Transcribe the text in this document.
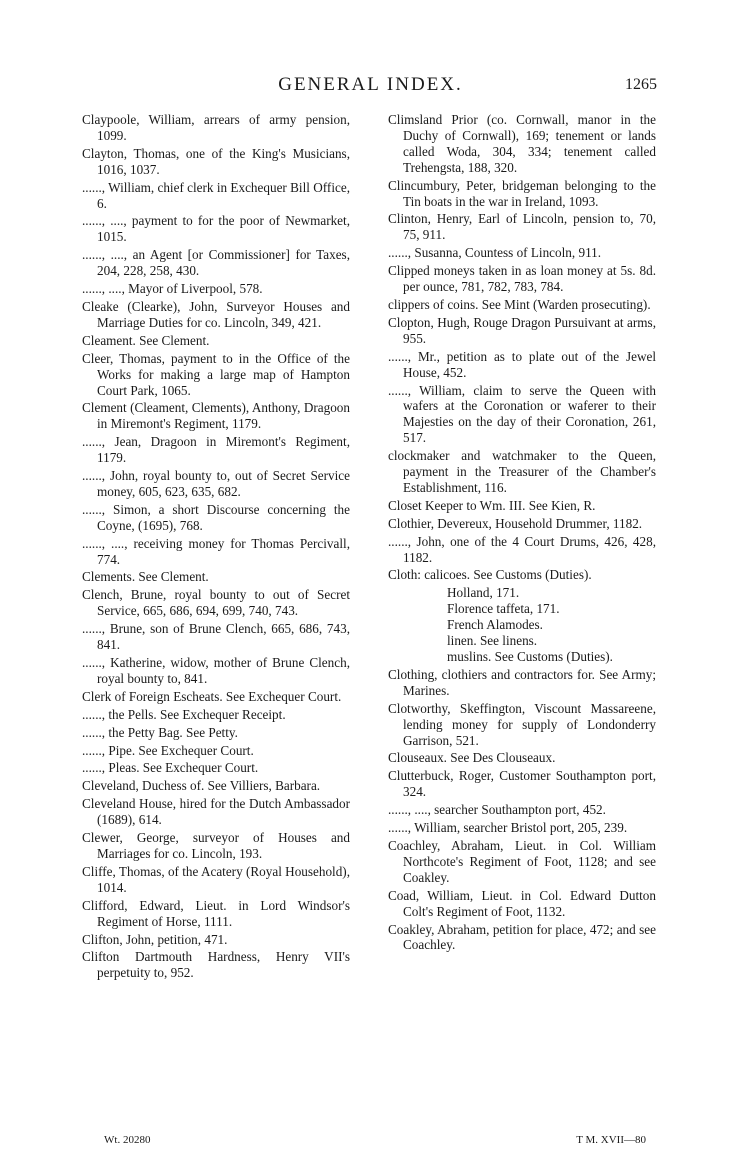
GENERAL INDEX.	1265
Claypoole, William, arrears of army pension, 1099.
Clayton, Thomas, one of the King's Musicians, 1016, 1037.
......, William, chief clerk in Exchequer Bill Office, 6.
......, ...., payment to for the poor of Newmarket, 1015.
......, ...., an Agent [or Commissioner] for Taxes, 204, 228, 258, 430.
......, ...., Mayor of Liverpool, 578.
Cleake (Clearke), John, Surveyor Houses and Marriage Duties for co. Lincoln, 349, 421.
Cleament. See Clement.
Cleer, Thomas, payment to in the Office of the Works for making a large map of Hampton Court Park, 1065.
Clement (Cleament, Clements), Anthony, Dragoon in Miremont's Regiment, 1179.
......, Jean, Dragoon in Miremont's Regiment, 1179.
......, John, royal bounty to, out of Secret Service money, 605, 623, 635, 682.
......, Simon, a short Discourse concerning the Coyne, (1695), 768.
......, ...., receiving money for Thomas Percivall, 774.
Clements. See Clement.
Clench, Brune, royal bounty to out of Secret Service, 665, 686, 694, 699, 740, 743.
......, Brune, son of Brune Clench, 665, 686, 743, 841.
......, Katherine, widow, mother of Brune Clench, royal bounty to, 841.
Clerk of Foreign Escheats. See Exchequer Court.
......, the Pells. See Exchequer Receipt.
......, the Petty Bag. See Petty.
......, Pipe. See Exchequer Court.
......, Pleas. See Exchequer Court.
Cleveland, Duchess of. See Villiers, Barbara.
Cleveland House, hired for the Dutch Ambassador (1689), 614.
Clewer, George, surveyor of Houses and Marriages for co. Lincoln, 193.
Cliffe, Thomas, of the Acatery (Royal Household), 1014.
Clifford, Edward, Lieut. in Lord Windsor's Regiment of Horse, 1111.
Clifton, John, petition, 471.
Clifton Dartmouth Hardness, Henry VII's perpetuity to, 952.
Climsland Prior (co. Cornwall, manor in the Duchy of Cornwall), 169; tenement or lands called Woda, 304, 334; tenement called Trehengsta, 188, 320.
Clincumbury, Peter, bridgeman belonging to the Tin boats in the war in Ireland, 1093.
Clinton, Henry, Earl of Lincoln, pension to, 70, 75, 911.
......, Susanna, Countess of Lincoln, 911.
Clipped moneys taken in as loan money at 5s. 8d. per ounce, 781, 782, 783, 784.
clippers of coins. See Mint (Warden prosecuting).
Clopton, Hugh, Rouge Dragon Pursuivant at arms, 955.
......, Mr., petition as to plate out of the Jewel House, 452.
......, William, claim to serve the Queen with wafers at the Coronation or waferer to their Majesties on the day of their Coronation, 261, 517.
clockmaker and watchmaker to the Queen, payment in the Treasurer of the Chamber's Establishment, 116.
Closet Keeper to Wm. III. See Kien, R.
Clothier, Devereux, Household Drummer, 1182.
......, John, one of the 4 Court Drums, 426, 428, 1182.
Cloth: calicoes. See Customs (Duties).
Holland, 171.
Florence taffeta, 171.
French Alamodes.
linen. See linens.
muslins. See Customs (Duties).
Clothing, clothiers and contractors for. See Army; Marines.
Clotworthy, Skeffington, Viscount Massareene, lending money for supply of Londonderry Garrison, 521.
Clouseaux. See Des Clouseaux.
Clutterbuck, Roger, Customer Southampton port, 324.
......, ...., searcher Southampton port, 452.
......, William, searcher Bristol port, 205, 239.
Coachley, Abraham, Lieut. in Col. William Northcote's Regiment of Foot, 1128; and see Coakley.
Coad, William, Lieut. in Col. Edward Dutton Colt's Regiment of Foot, 1132.
Coakley, Abraham, petition for place, 472; and see Coachley.
Wt. 20280	T M. XVII—80
